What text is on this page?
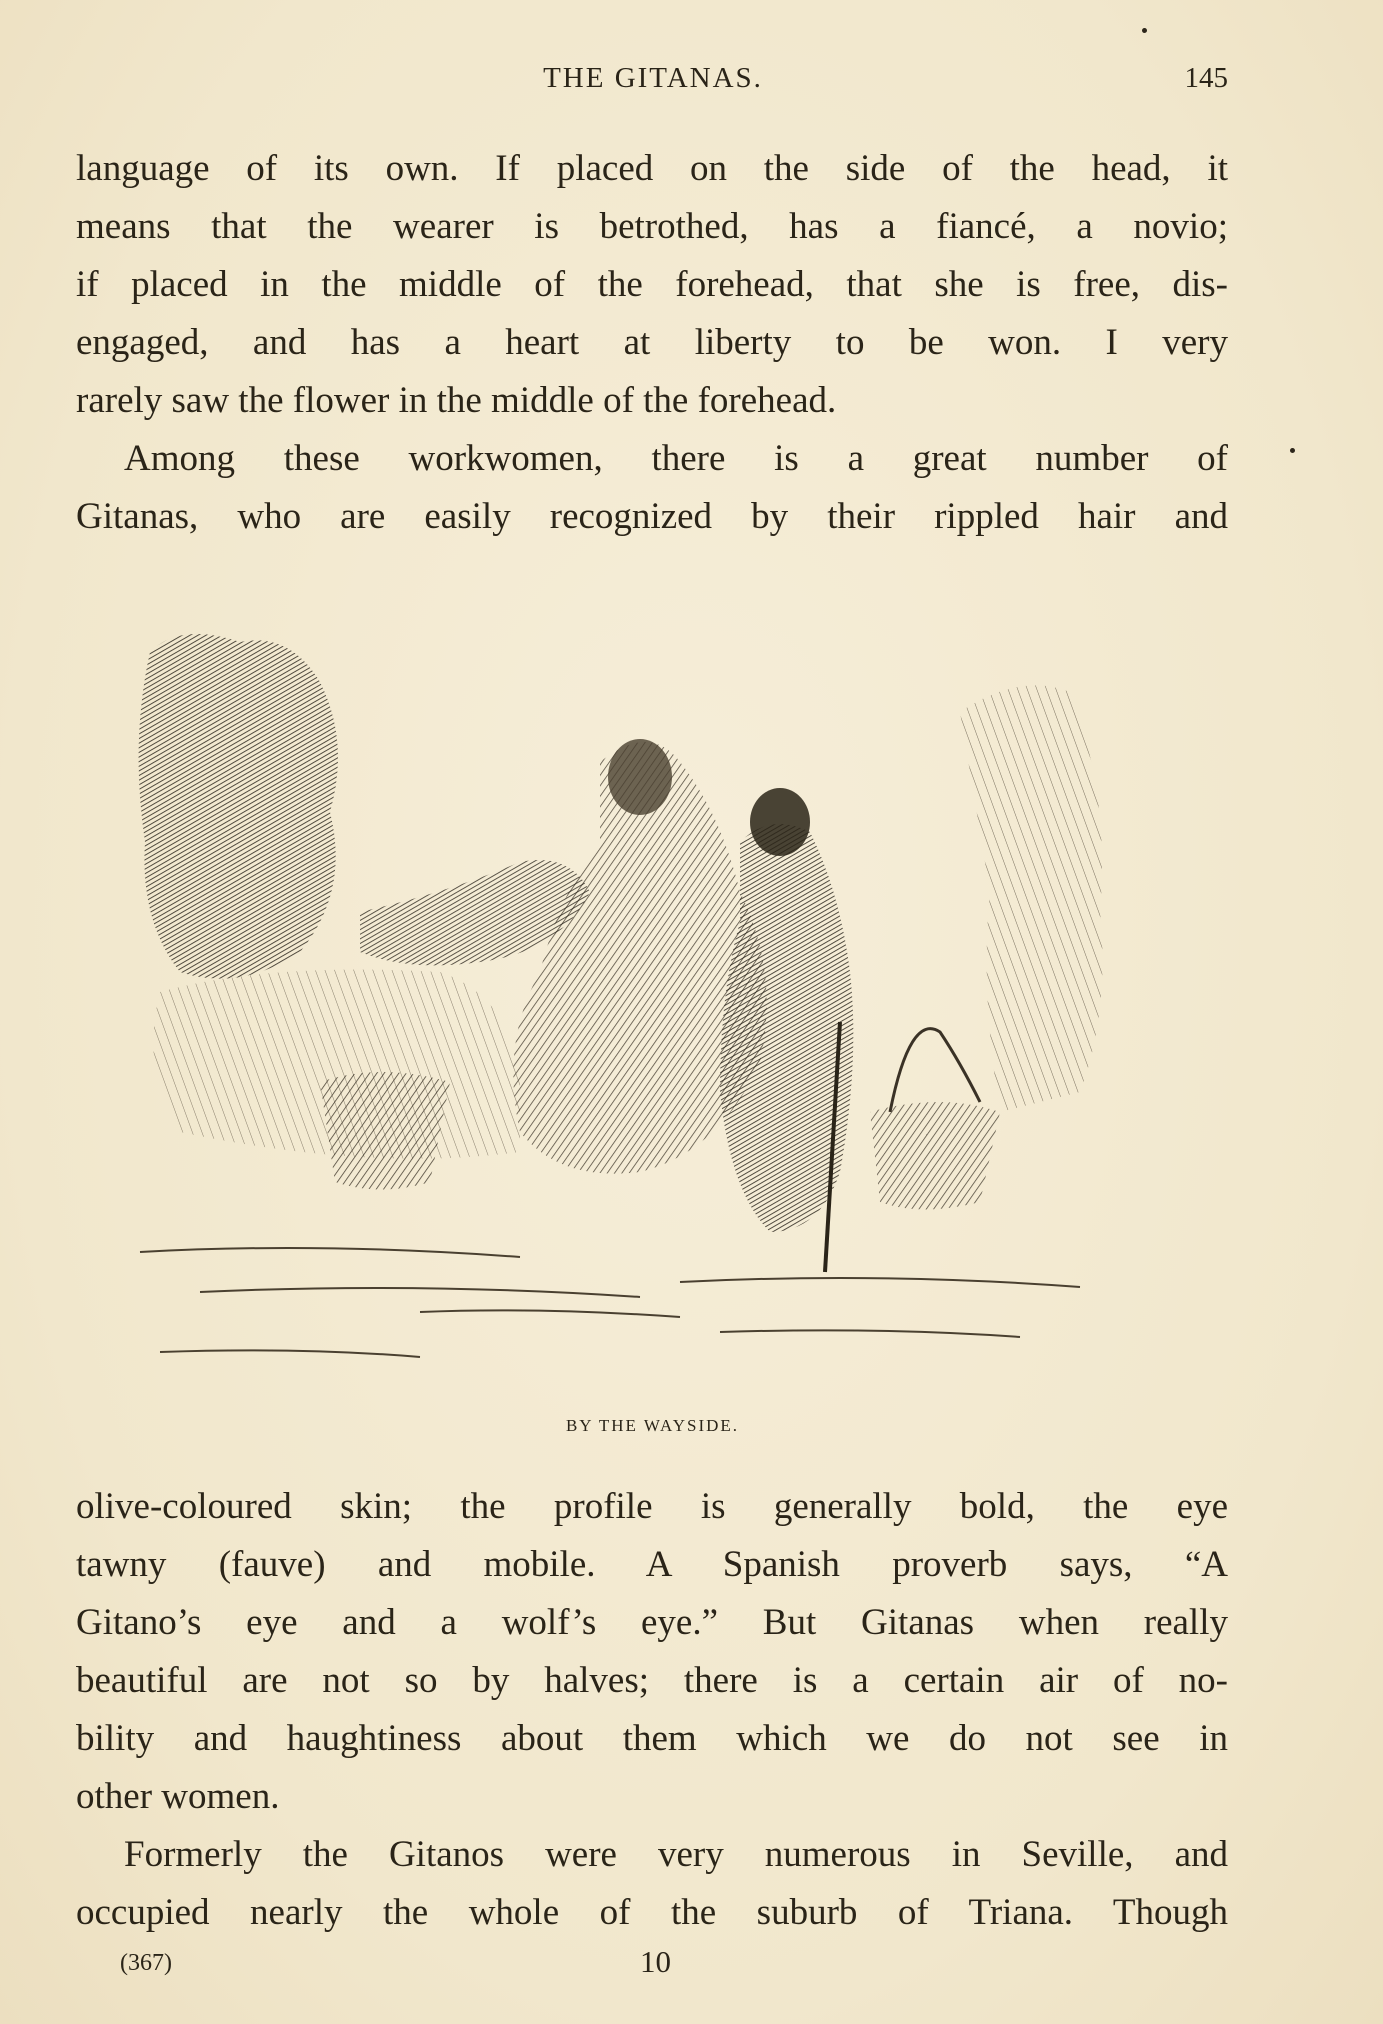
THE GITANAS.	145
language of its own. If placed on the side of the head, it
means that the wearer is betrothed, has a fiancé, a novio;
if placed in the middle of the forehead, that she is free, dis-
engaged, and has a heart at liberty to be won. I very
rarely saw the flower in the middle of the forehead.
Among these workwomen, there is a great number of
Gitanas, who are easily recognized by their rippled hair and
BY THE WAYSIDE.
olive-coloured skin; the profile is generally bold, the eye
tawny (fauve) and mobile. A Spanish proverb says, “A
Gitano’s eye and a wolf’s eye.” But Gitanas when really
beautiful are not so by halves; there is a certain air of no-
bility and haughtiness about them which we do not see in
other women.
Formerly the Gitanos were very numerous in Seville, and
occupied nearly the whole of the suburb of Triana. Though
(367)	10
